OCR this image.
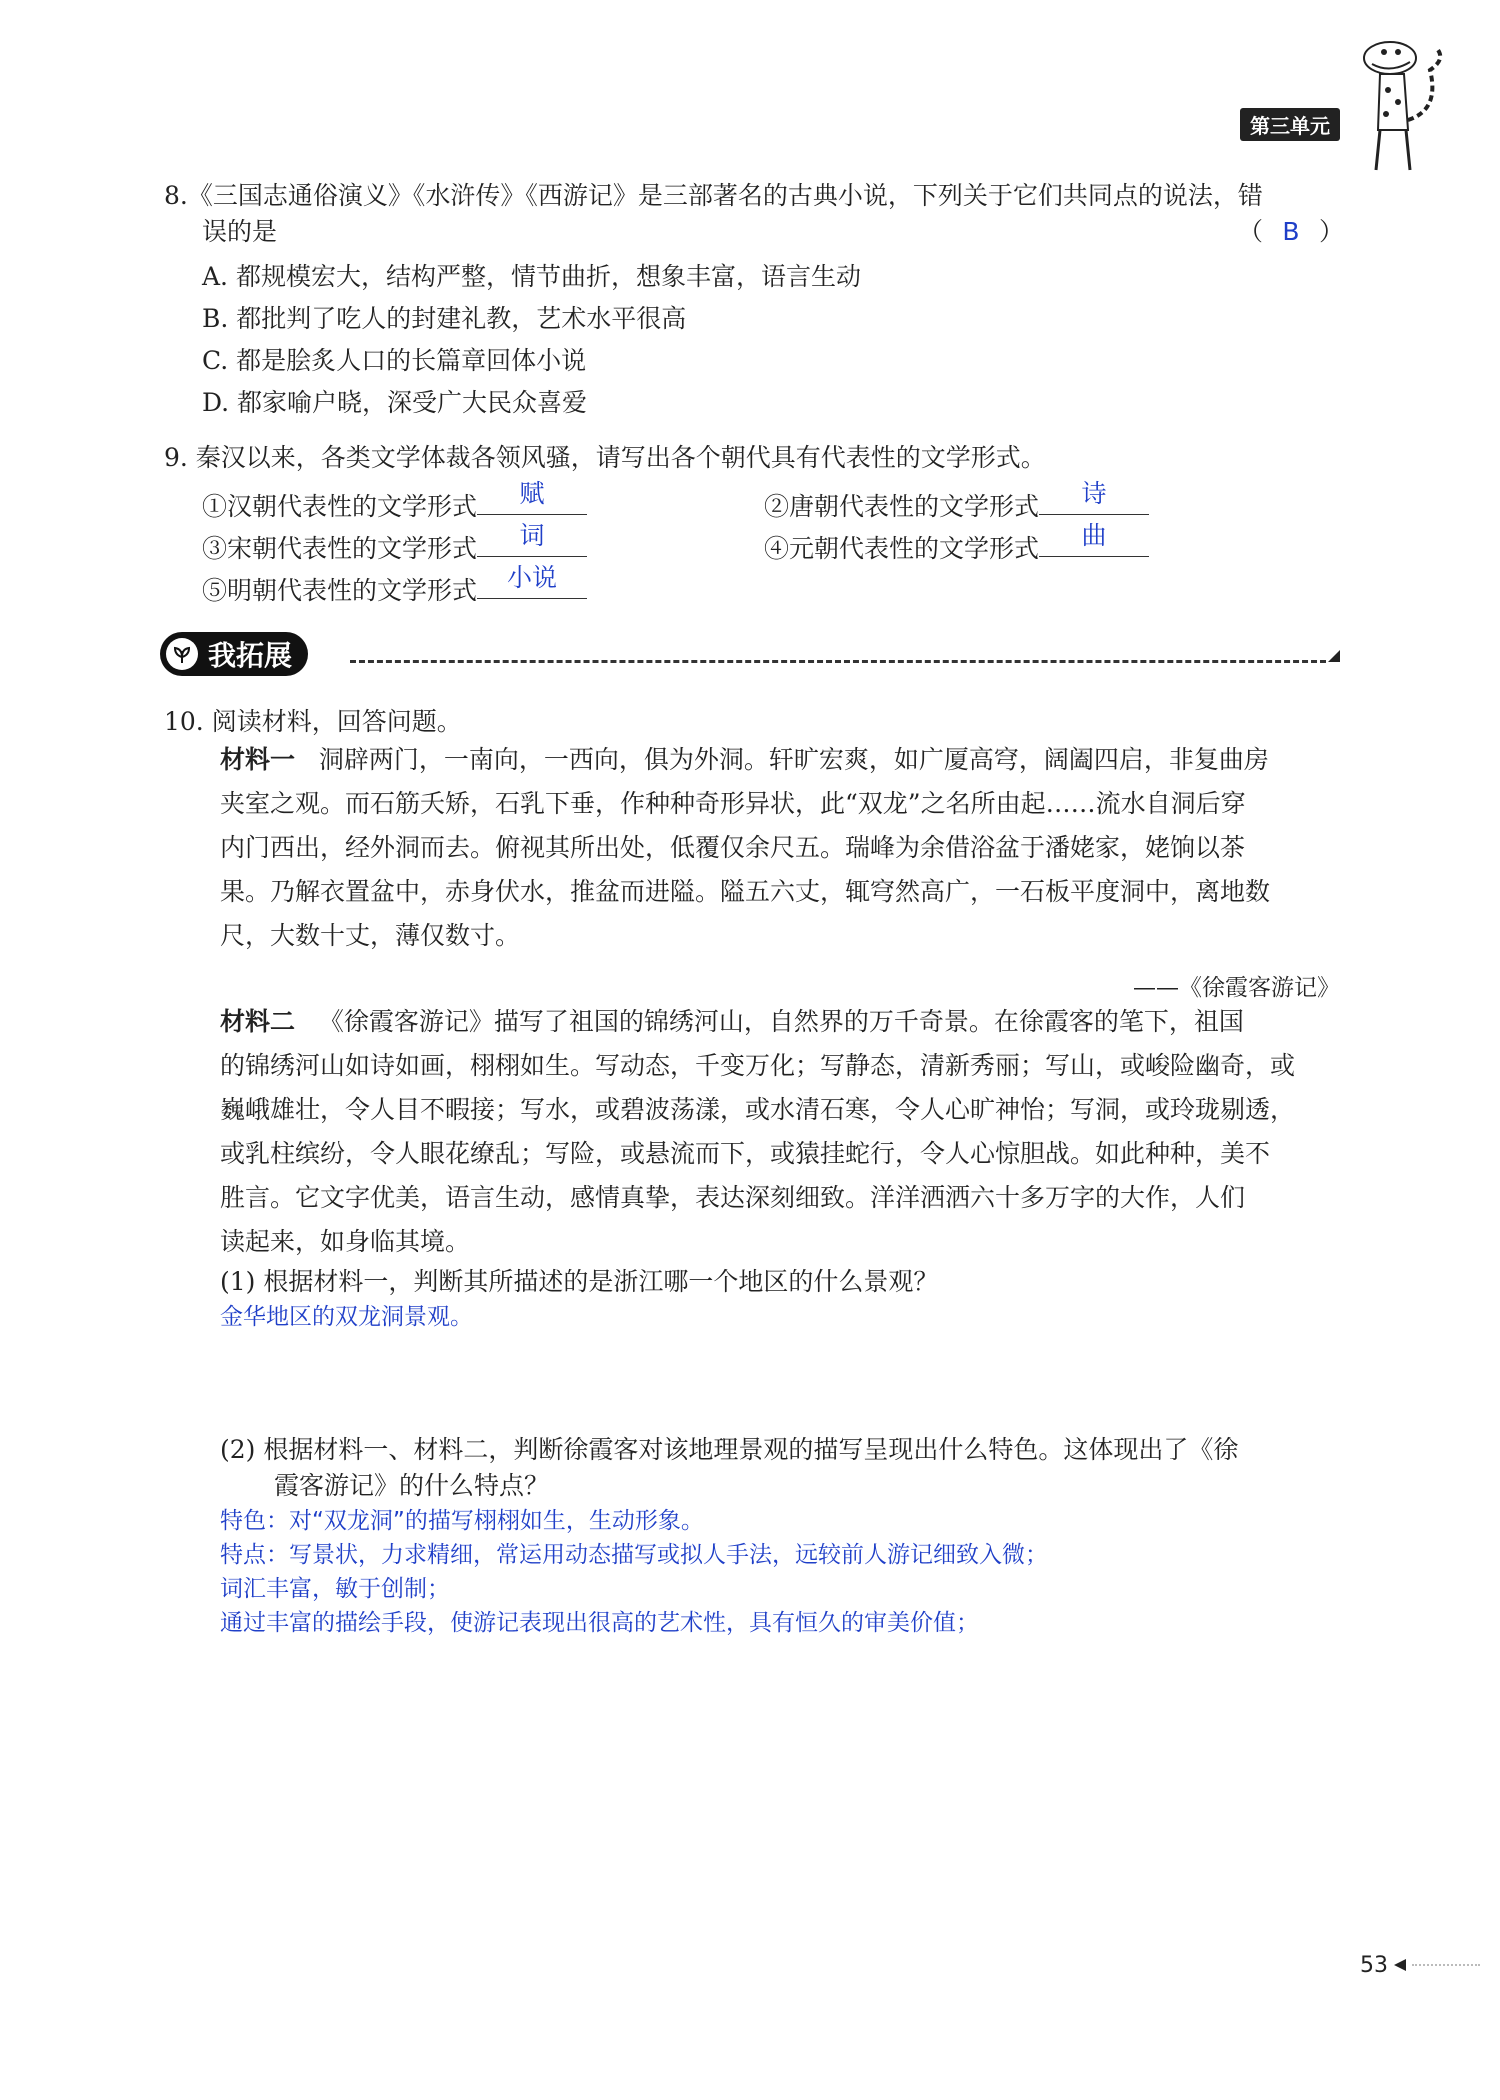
第三单元
8.《三国志通俗演义》《水浒传》《西游记》是三部著名的古典小说，下列关于它们共同点的说法，错
误的是	（ B ）
A. 都规模宏大，结构严整，情节曲折，想象丰富，语言生动
B. 都批判了吃人的封建礼教，艺术水平很高
C. 都是脍炙人口的长篇章回体小说
D. 都家喻户晓，深受广大民众喜爱
9. 秦汉以来，各类文学体裁各领风骚，请写出各个朝代具有代表性的文学形式。
①汉朝代表性的文学形式	赋	②唐朝代表性的文学形式	诗
③宋朝代表性的文学形式	词	④元朝代表性的文学形式	曲
⑤明朝代表性的文学形式	小说
我拓展
10. 阅读材料，回答问题。
材料一 洞辟两门，一南向，一西向，俱为外洞。轩旷宏爽，如广厦高穹，阔阖四启，非复曲房
夹室之观。而石筋夭矫，石乳下垂，作种种奇形异状，此“双龙”之名所由起……流水自洞后穿
内门西出，经外洞而去。俯视其所出处，低覆仅余尺五。瑞峰为余借浴盆于潘姥家，姥饷以茶
果。乃解衣置盆中，赤身伏水，推盆而进隘。隘五六丈，辄穹然高广，一石板平度洞中，离地数
尺，大数十丈，薄仅数寸。
——《徐霞客游记》
材料二 《徐霞客游记》描写了祖国的锦绣河山，自然界的万千奇景。在徐霞客的笔下，祖国
的锦绣河山如诗如画，栩栩如生。写动态，千变万化；写静态，清新秀丽；写山，或峻险幽奇，或
巍峨雄壮，令人目不暇接；写水，或碧波荡漾，或水清石寒，令人心旷神怡；写洞，或玲珑剔透，
或乳柱缤纷，令人眼花缭乱；写险，或悬流而下，或猿挂蛇行，令人心惊胆战。如此种种，美不
胜言。它文字优美，语言生动，感情真挚，表达深刻细致。洋洋洒洒六十多万字的大作，人们
读起来，如身临其境。
(1) 根据材料一，判断其所描述的是浙江哪一个地区的什么景观？
金华地区的双龙洞景观。
(2) 根据材料一、材料二，判断徐霞客对该地理景观的描写呈现出什么特色。这体现出了《徐
霞客游记》的什么特点？
特色：对“双龙洞”的描写栩栩如生，生动形象。
特点：写景状，力求精细，常运用动态描写或拟人手法，远较前人游记细致入微；
词汇丰富，敏于创制；
通过丰富的描绘手段，使游记表现出很高的艺术性，具有恒久的审美价值；
53
